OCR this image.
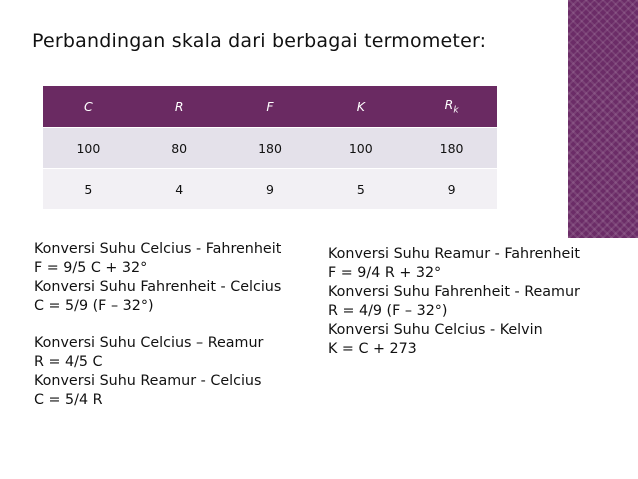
Perbandingan skala dari berbagai termometer:
C	R	F	K	$R_k$
100	80	180	100	180
5	4	9	5	9
Konversi Suhu Celcius - Fahrenheit
F = 9/5 C + 32°
Konversi Suhu Fahrenheit - Celcius
C = 5/9 (F – 32°)
Konversi Suhu Celcius – Reamur
R = 4/5 C
Konversi Suhu Reamur - Celcius
C = 5/4 R
Konversi Suhu Reamur - Fahrenheit
F = 9/4 R + 32°
Konversi Suhu Fahrenheit - Reamur
R = 4/9 (F – 32°)
Konversi Suhu Celcius - Kelvin
K = C + 273
